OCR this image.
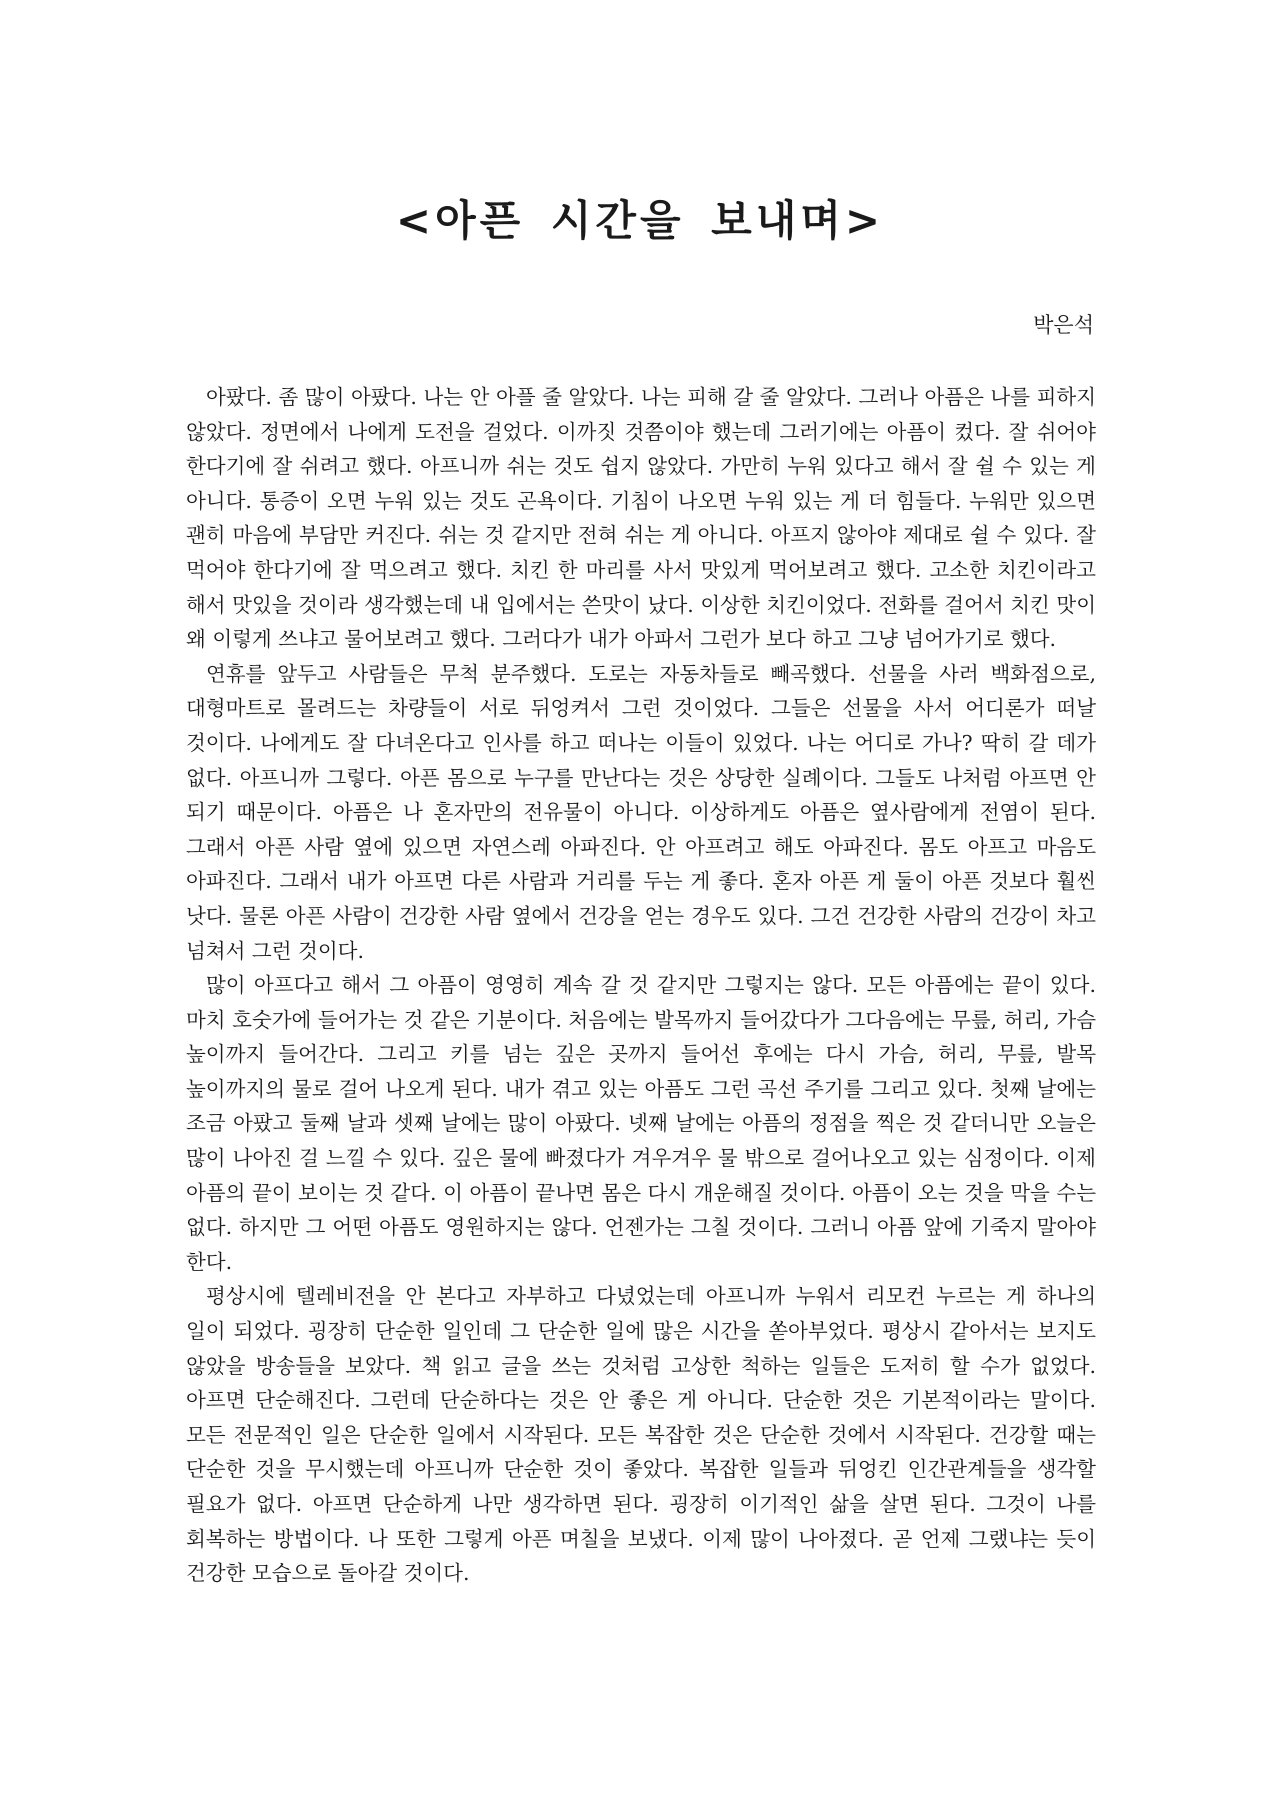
<아픈 시간을 보내며>
박은석

아팠다. 좀 많이 아팠다. 나는 안 아플 줄 알았다. 나는 피해 갈 줄 알았다. 그러나 아픔은 나를 피하지 않았다. 정면에서 나에게 도전을 걸었다. 이까짓 것쯤이야 했는데 그러기에는 아픔이 컸다. 잘 쉬어야 한다기에 잘 쉬려고 했다. 아프니까 쉬는 것도 쉽지 않았다. 가만히 누워 있다고 해서 잘 쉴 수 있는 게 아니다. 통증이 오면 누워 있는 것도 곤욕이다. 기침이 나오면 누워 있는 게 더 힘들다. 누워만 있으면 괜히 마음에 부담만 커진다. 쉬는 것 같지만 전혀 쉬는 게 아니다. 아프지 않아야 제대로 쉴 수 있다. 잘 먹어야 한다기에 잘 먹으려고 했다. 치킨 한 마리를 사서 맛있게 먹어보려고 했다. 고소한 치킨이라고 해서 맛있을 것이라 생각했는데 내 입에서는 쓴맛이 났다. 이상한 치킨이었다. 전화를 걸어서 치킨 맛이 왜 이렇게 쓰냐고 물어보려고 했다. 그러다가 내가 아파서 그런가 보다 하고 그냥 넘어가기로 했다.

연휴를 앞두고 사람들은 무척 분주했다. 도로는 자동차들로 빼곡했다. 선물을 사러 백화점으로, 대형마트로 몰려드는 차량들이 서로 뒤엉켜서 그런 것이었다. 그들은 선물을 사서 어디론가 떠날 것이다. 나에게도 잘 다녀온다고 인사를 하고 떠나는 이들이 있었다. 나는 어디로 가나? 딱히 갈 데가 없다. 아프니까 그렇다. 아픈 몸으로 누구를 만난다는 것은 상당한 실례이다. 그들도 나처럼 아프면 안 되기 때문이다. 아픔은 나 혼자만의 전유물이 아니다. 이상하게도 아픔은 옆사람에게 전염이 된다. 그래서 아픈 사람 옆에 있으면 자연스레 아파진다. 안 아프려고 해도 아파진다. 몸도 아프고 마음도 아파진다. 그래서 내가 아프면 다른 사람과 거리를 두는 게 좋다. 혼자 아픈 게 둘이 아픈 것보다 훨씬 낫다. 물론 아픈 사람이 건강한 사람 옆에서 건강을 얻는 경우도 있다. 그건 건강한 사람의 건강이 차고 넘쳐서 그런 것이다.

많이 아프다고 해서 그 아픔이 영영히 계속 갈 것 같지만 그렇지는 않다. 모든 아픔에는 끝이 있다. 마치 호숫가에 들어가는 것 같은 기분이다. 처음에는 발목까지 들어갔다가 그다음에는 무릎, 허리, 가슴 높이까지 들어간다. 그리고 키를 넘는 깊은 곳까지 들어선 후에는 다시 가슴, 허리, 무릎, 발목 높이까지의 물로 걸어 나오게 된다. 내가 겪고 있는 아픔도 그런 곡선 주기를 그리고 있다. 첫째 날에는 조금 아팠고 둘째 날과 셋째 날에는 많이 아팠다. 넷째 날에는 아픔의 정점을 찍은 것 같더니만 오늘은 많이 나아진 걸 느낄 수 있다. 깊은 물에 빠졌다가 겨우겨우 물 밖으로 걸어나오고 있는 심정이다. 이제 아픔의 끝이 보이는 것 같다. 이 아픔이 끝나면 몸은 다시 개운해질 것이다. 아픔이 오는 것을 막을 수는 없다. 하지만 그 어떤 아픔도 영원하지는 않다. 언젠가는 그칠 것이다. 그러니 아픔 앞에 기죽지 말아야 한다.

평상시에 텔레비전을 안 본다고 자부하고 다녔었는데 아프니까 누워서 리모컨 누르는 게 하나의 일이 되었다. 굉장히 단순한 일인데 그 단순한 일에 많은 시간을 쏟아부었다. 평상시 같아서는 보지도 않았을 방송들을 보았다. 책 읽고 글을 쓰는 것처럼 고상한 척하는 일들은 도저히 할 수가 없었다. 아프면 단순해진다. 그런데 단순하다는 것은 안 좋은 게 아니다. 단순한 것은 기본적이라는 말이다. 모든 전문적인 일은 단순한 일에서 시작된다. 모든 복잡한 것은 단순한 것에서 시작된다. 건강할 때는 단순한 것을 무시했는데 아프니까 단순한 것이 좋았다. 복잡한 일들과 뒤엉킨 인간관계들을 생각할 필요가 없다. 아프면 단순하게 나만 생각하면 된다. 굉장히 이기적인 삶을 살면 된다. 그것이 나를 회복하는 방법이다. 나 또한 그렇게 아픈 며칠을 보냈다. 이제 많이 나아졌다. 곧 언제 그랬냐는 듯이 건강한 모습으로 돌아갈 것이다.
